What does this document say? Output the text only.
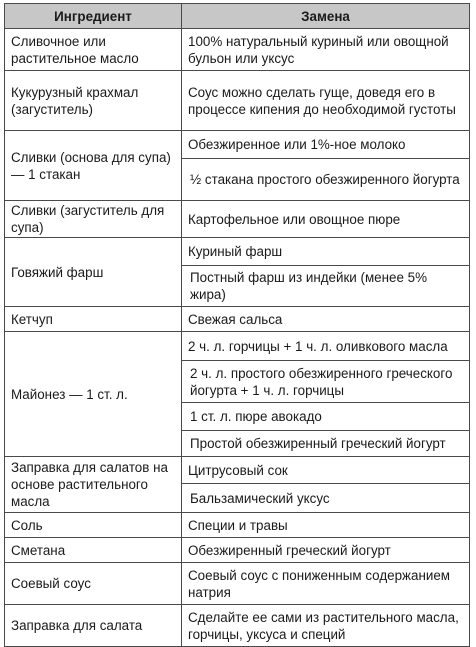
Ингредиент	Замена
Сливочное или растительное масло	100% натуральный куриный или овощной бульон или уксус
Кукурузный крахмал (загуститель)	Соус можно сделать гуще, доведя его в процессе кипения до необходимой густоты
Сливки (основа для супа) — 1 стакан	Обезжиренное или 1%-ное молоко
	½ стакана простого обезжиренного йогурта
Сливки (загуститель для супа)	Картофельное или овощное пюре
Говяжий фарш	Куриный фарш
	Постный фарш из индейки (менее 5% жира)
Кетчуп	Свежая сальса
Майонез — 1 ст. л.	2 ч. л. горчицы + 1 ч. л. оливкового масла
	2 ч. л. простого обезжиренного греческого йогурта + 1 ч. л. горчицы
	1 ст. л. пюре авокадо
	Простой обезжиренный греческий йогурт
Заправка для салатов на основе растительного масла	Цитрусовый сок
	Бальзамический уксус
Соль	Специи и травы
Сметана	Обезжиренный греческий йогурт
Соевый соус	Соевый соус с пониженным содержанием натрия
Заправка для салата	Сделайте ее сами из растительного масла, горчицы, уксуса и специй
